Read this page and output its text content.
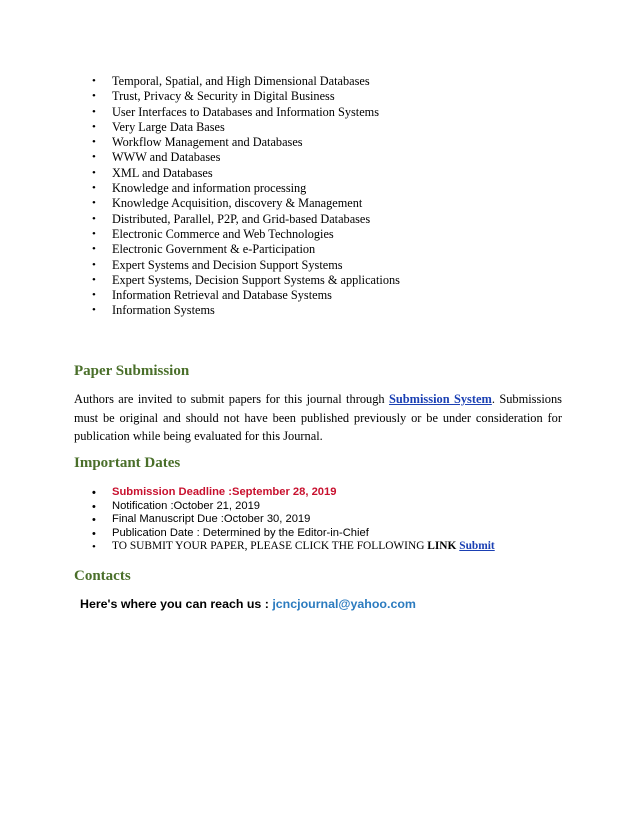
•	Temporal, Spatial, and High Dimensional Databases
•	Trust, Privacy & Security in Digital Business
•	User Interfaces to Databases and Information Systems
•	Very Large Data Bases
•	Workflow Management and Databases
•	WWW and Databases
•	XML and Databases
•	Knowledge and information processing
•	Knowledge Acquisition, discovery & Management
•	Distributed, Parallel, P2P, and Grid-based Databases
•	Electronic Commerce and Web Technologies
•	Electronic Government & e-Participation
•	Expert Systems and Decision Support Systems
•	Expert Systems, Decision Support Systems & applications
•	Information Retrieval and Database Systems
•	Information Systems
Paper Submission
Authors are invited to submit papers for this journal through Submission System. Submissions must be original and should not have been published previously or be under consideration for publication while being evaluated for this Journal.
Important Dates
•	Submission Deadline :September 28, 2019
•	Notification :October 21, 2019
•	Final Manuscript Due :October 30, 2019
•	Publication Date : Determined by the Editor-in-Chief
•	TO SUBMIT YOUR PAPER, PLEASE CLICK THE FOLLOWING LINK Submit
Contacts
Here's where you can reach us : jcncjournal@yahoo.com
